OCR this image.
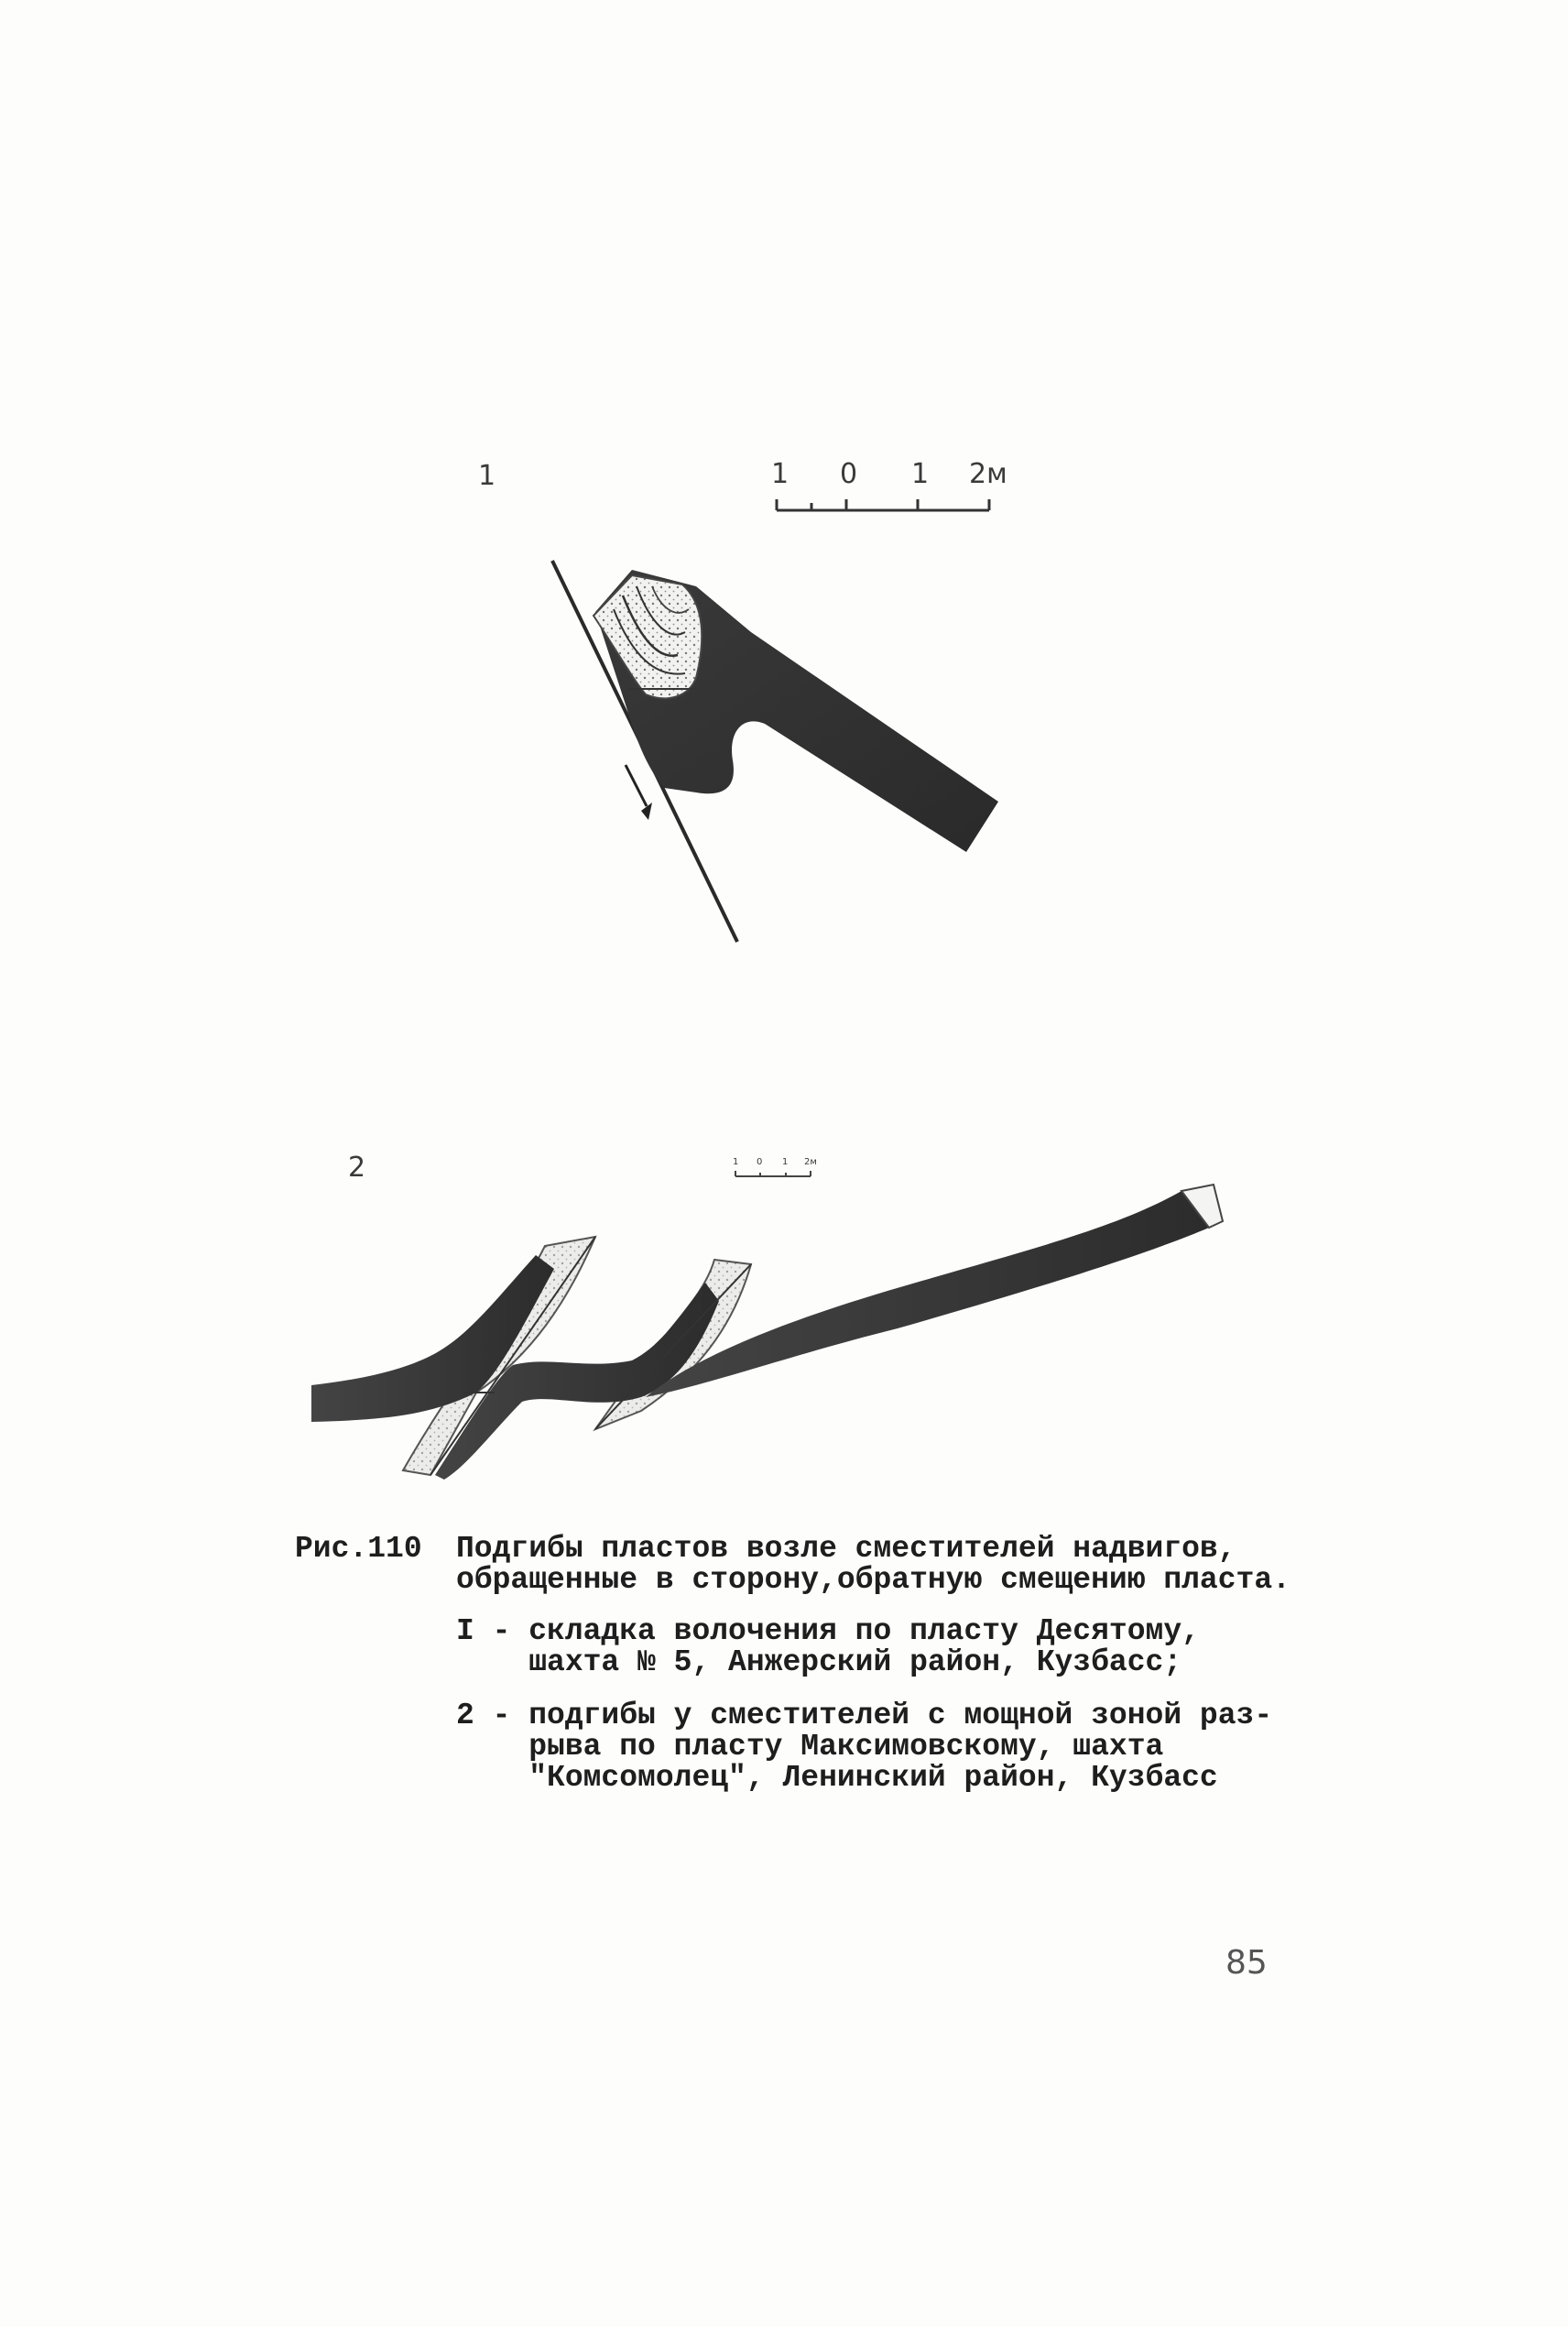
1	1 0 1 2м
2	1 0 1 2м
Рис.110 Подгибы пластов возле сместителей надвигов,
обращенные в сторону,обратную смещению пласта.
I - складка волочения по пласту Десятому,
шахта № 5, Анжерский район, Кузбасс;
2 - подгибы у сместителей с мощной зоной раз-
рыва по пласту Максимовскому, шахта
"Комсомолец", Ленинский район, Кузбасс
85
